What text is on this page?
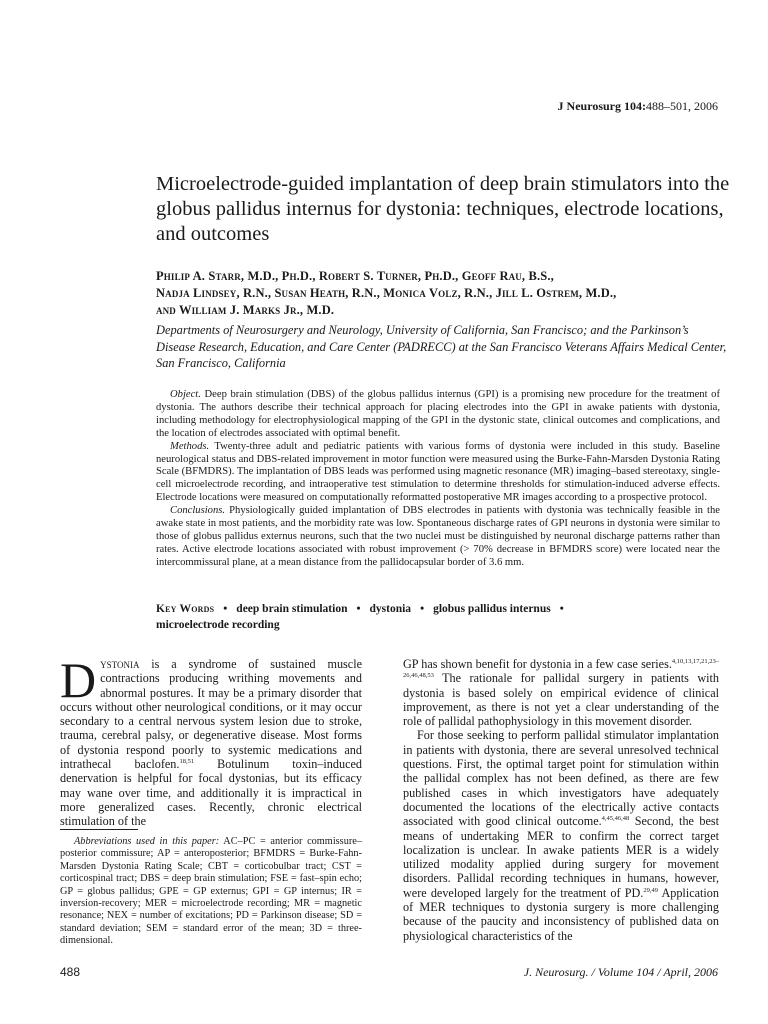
J Neurosurg 104:488–501, 2006
Microelectrode-guided implantation of deep brain stimulators into the globus pallidus internus for dystonia: techniques, electrode locations, and outcomes
Philip A. Starr, M.D., Ph.D., Robert S. Turner, Ph.D., Geoff Rau, B.S.,
Nadja Lindsey, R.N., Susan Heath, R.N., Monica Volz, R.N., Jill L. Ostrem, M.D.,
and William J. Marks Jr., M.D.
Departments of Neurosurgery and Neurology, University of California, San Francisco; and the Parkinson’s Disease Research, Education, and Care Center (PADRECC) at the San Francisco Veterans Affairs Medical Center, San Francisco, California

Object. Deep brain stimulation (DBS) of the globus pallidus internus (GPI) is a promising new procedure for the treatment of dystonia. The authors describe their technical approach for placing electrodes into the GPI in awake patients with dystonia, including methodology for electrophysiological mapping of the GPI in the dystonic state, clinical outcomes and complications, and the location of electrodes associated with optimal benefit.

Methods. Twenty-three adult and pediatric patients with various forms of dystonia were included in this study. Baseline neurological status and DBS-related improvement in motor function were measured using the Burke-Fahn-Marsden Dystonia Rating Scale (BFMDRS). The implantation of DBS leads was performed using magnetic resonance (MR) imaging–based stereotaxy, single-cell microelectrode recording, and intraoperative test stimulation to determine thresholds for stimulation-induced adverse effects. Electrode locations were measured on computationally reformatted postoperative MR images according to a prospective protocol.

Conclusions. Physiologically guided implantation of DBS electrodes in patients with dystonia was technically feasible in the awake state in most patients, and the morbidity rate was low. Spontaneous discharge rates of GPI neurons in dystonia were similar to those of globus pallidus externus neurons, such that the two nuclei must be distinguished by neuronal discharge patterns rather than rates. Active electrode locations associated with robust improvement (> 70% decrease in BFMDRS score) were located near the intercommissural plane, at a mean distance from the pallidocapsular border of 3.6 mm.

Key Words • deep brain stimulation • dystonia • globus pallidus internus •
microelectrode recording

Dystonia is a syndrome of sustained muscle contractions producing writhing movements and abnormal postures. It may be a primary disorder that occurs without other neurological conditions, or it may occur secondary to a central nervous system lesion due to stroke, trauma, cerebral palsy, or degenerative disease. Most forms of dystonia respond poorly to systemic medications and intrathecal baclofen.$^{18,51}$ Botulinum toxin–induced denervation is helpful for focal dystonias, but its efficacy may wane over time, and additionally it is impractical in more generalized cases. Recently, chronic electrical stimulation of the

GP has shown benefit for dystonia in a few case series.$^{4,10,13,17,21,23-26,46,48,53}$ The rationale for pallidal surgery in patients with dystonia is based solely on empirical evidence of clinical improvement, as there is not yet a clear understanding of the role of pallidal pathophysiology in this movement disorder.

For those seeking to perform pallidal stimulator implantation in patients with dystonia, there are several unresolved technical questions. First, the optimal target point for stimulation within the pallidal complex has not been defined, as there are few published cases in which investigators have adequately documented the locations of the electrically active contacts associated with good clinical outcome.$^{4,45,46,48}$ Second, the best means of undertaking MER to confirm the correct target localization is unclear. In awake patients MER is a widely utilized modality applied during surgery for movement disorders. Pallidal recording techniques in humans, however, were developed largely for the treatment of PD.$^{29,49}$ Application of MER techniques to dystonia surgery is more challenging because of the paucity and inconsistency of published data on physiological characteristics of the

Abbreviations used in this paper: AC–PC = anterior commissure–posterior commissure; AP = anteroposterior; BFMDRS = Burke-Fahn-Marsden Dystonia Rating Scale; CBT = corticobulbar tract; CST = corticospinal tract; DBS = deep brain stimulation; FSE = fast–spin echo; GP = globus pallidus; GPE = GP externus; GPI = GP internus; IR = inversion-recovery; MER = microelectrode recording; MR = magnetic resonance; NEX = number of excitations; PD = Parkinson disease; SD = standard deviation; SEM = standard error of the mean; 3D = three-dimensional.
488	J. Neurosurg. / Volume 104 / April, 2006
